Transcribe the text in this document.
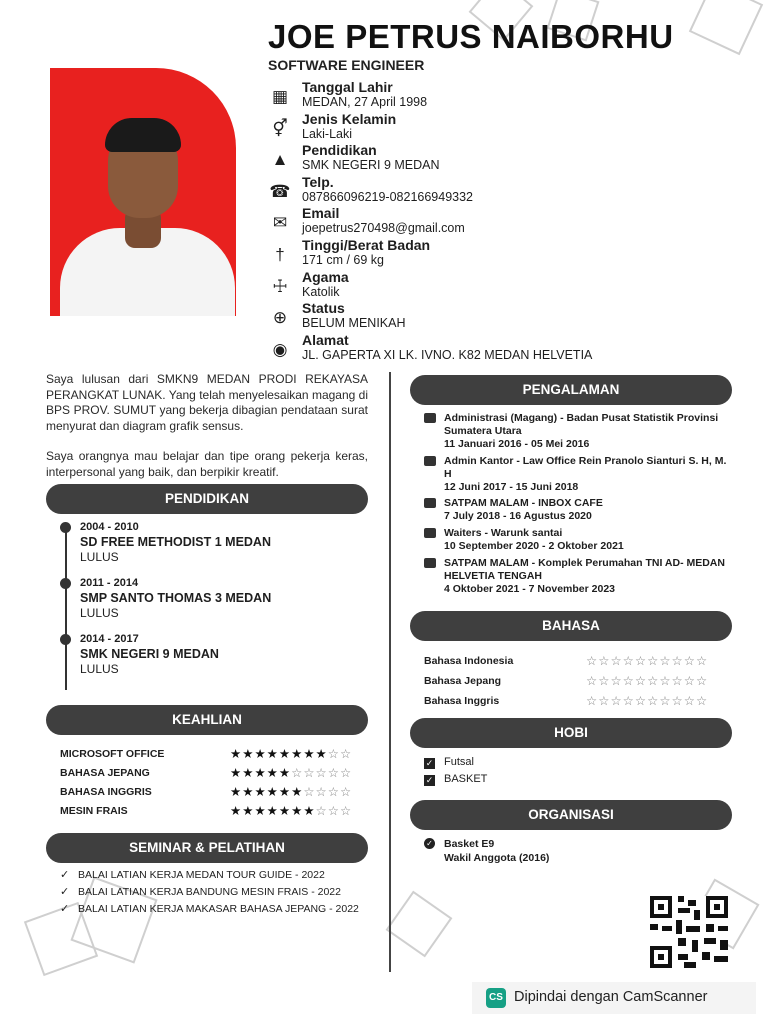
JOE PETRUS NAIBORHU
SOFTWARE ENGINEER
▦ Tanggal Lahir
MEDAN, 27 April 1998
⚥	Jenis Kelamin
Laki-Laki
▲ Pendidikan
SMK NEGERI 9 MEDAN
☎ Telp.
087866096219-082166949332
✉	Email
joepetrus270498@gmail.com
†	Tinggi/Berat Badan
171 cm / 69 kg
☩	Agama
Katolik
⊕	Status
BELUM MENIKAH
◉	Alamat
JL. GAPERTA XI LK. IVNO. K82 MEDAN HELVETIA

Saya lulusan dari SMKN9 MEDAN PRODI REKAYASA PERANGKAT LUNAK. Yang telah menyelesaikan magang di BPS PROV. SUMUT yang bekerja dibagian pendataan surat menyurat dan diagram grafik sensus.

Saya orangnya mau belajar dan tipe orang pekerja keras, interpersonal yang baik, dan berpikir kreatif.

PENDIDIKAN
2004 - 2010
SD FREE METHODIST 1 MEDAN
LULUS
2011 - 2014
SMP SANTO THOMAS 3 MEDAN
LULUS
2014 - 2017
SMK NEGERI 9 MEDAN
LULUS
KEAHLIAN
MICROSOFT OFFICE	★★★★★★★★☆☆
BAHASA JEPANG	★★★★★☆☆☆☆☆
BAHASA INGGRIS	★★★★★★☆☆☆☆
MESIN FRAIS	★★★★★★★☆☆☆
SEMINAR & PELATIHAN
✓ BALAI LATIAN KERJA MEDAN TOUR GUIDE - 2022
✓ BALAI LATIAN KERJA BANDUNG MESIN FRAIS - 2022
✓ BALAI LATIAN KERJA MAKASAR BAHASA JEPANG - 2022
PENGALAMAN
Administrasi (Magang) - Badan Pusat Statistik Provinsi Sumatera Utara
11 Januari 2016 - 05 Mei 2016
Admin Kantor - Law Office Rein Pranolo Sianturi S. H, M. H
12 Juni 2017 - 15 Juni 2018
SATPAM MALAM - INBOX CAFE
7 July 2018 - 16 Agustus 2020
Waiters - Warunk santai
10 September 2020 - 2 Oktober 2021
SATPAM MALAM - Komplek Perumahan TNI AD- MEDAN HELVETIA TENGAH
4 Oktober 2021 - 7 November 2023
BAHASA
Bahasa Indonesia	☆☆☆☆☆☆☆☆☆☆
Bahasa Jepang	☆☆☆☆☆☆☆☆☆☆
Bahasa Inggris	☆☆☆☆☆☆☆☆☆☆
HOBI
✓ Futsal
✓ BASKET
ORGANISASI
✓ Basket E9
Wakil Anggota (2016)
CS Dipindai dengan CamScanner
